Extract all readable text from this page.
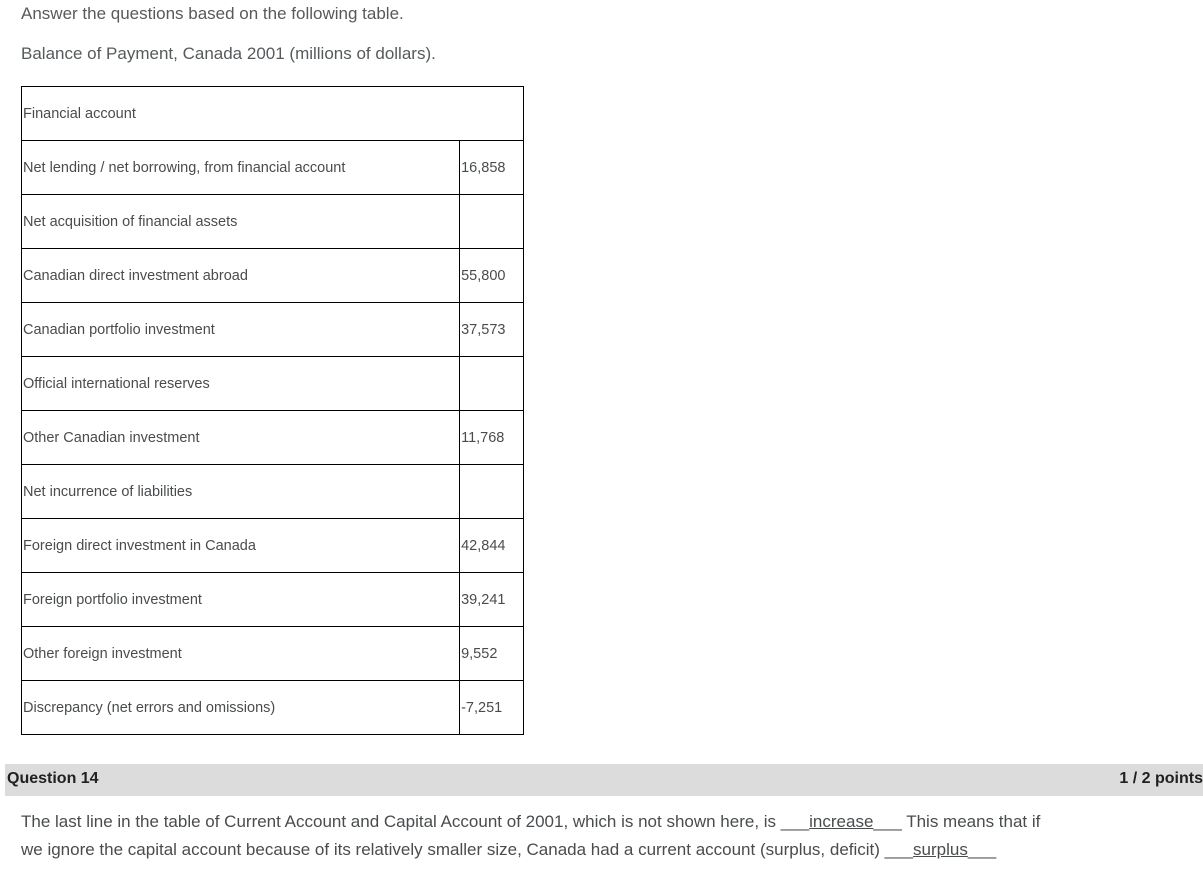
Answer the questions based on the following table.

Balance of Payment, Canada 2001 (millions of dollars).

Financial account	
Net lending / net borrowing, from financial account	16,858
Net acquisition of financial assets	
Canadian direct investment abroad	55,800
Canadian portfolio investment	37,573
Official international reserves	
Other Canadian investment	11,768
Net incurrence of liabilities	
Foreign direct investment in Canada	42,844
Foreign portfolio investment	39,241
Other foreign investment	9,552
Discrepancy (net errors and omissions)	-7,251
Question 14	1 / 2 points

The last line in the table of Current Account and Capital Account of 2001, which is not shown here, is ___increase___ This means that if
we ignore the capital account because of its relatively smaller size, Canada had a current account (surplus, deficit) ___surplus___
